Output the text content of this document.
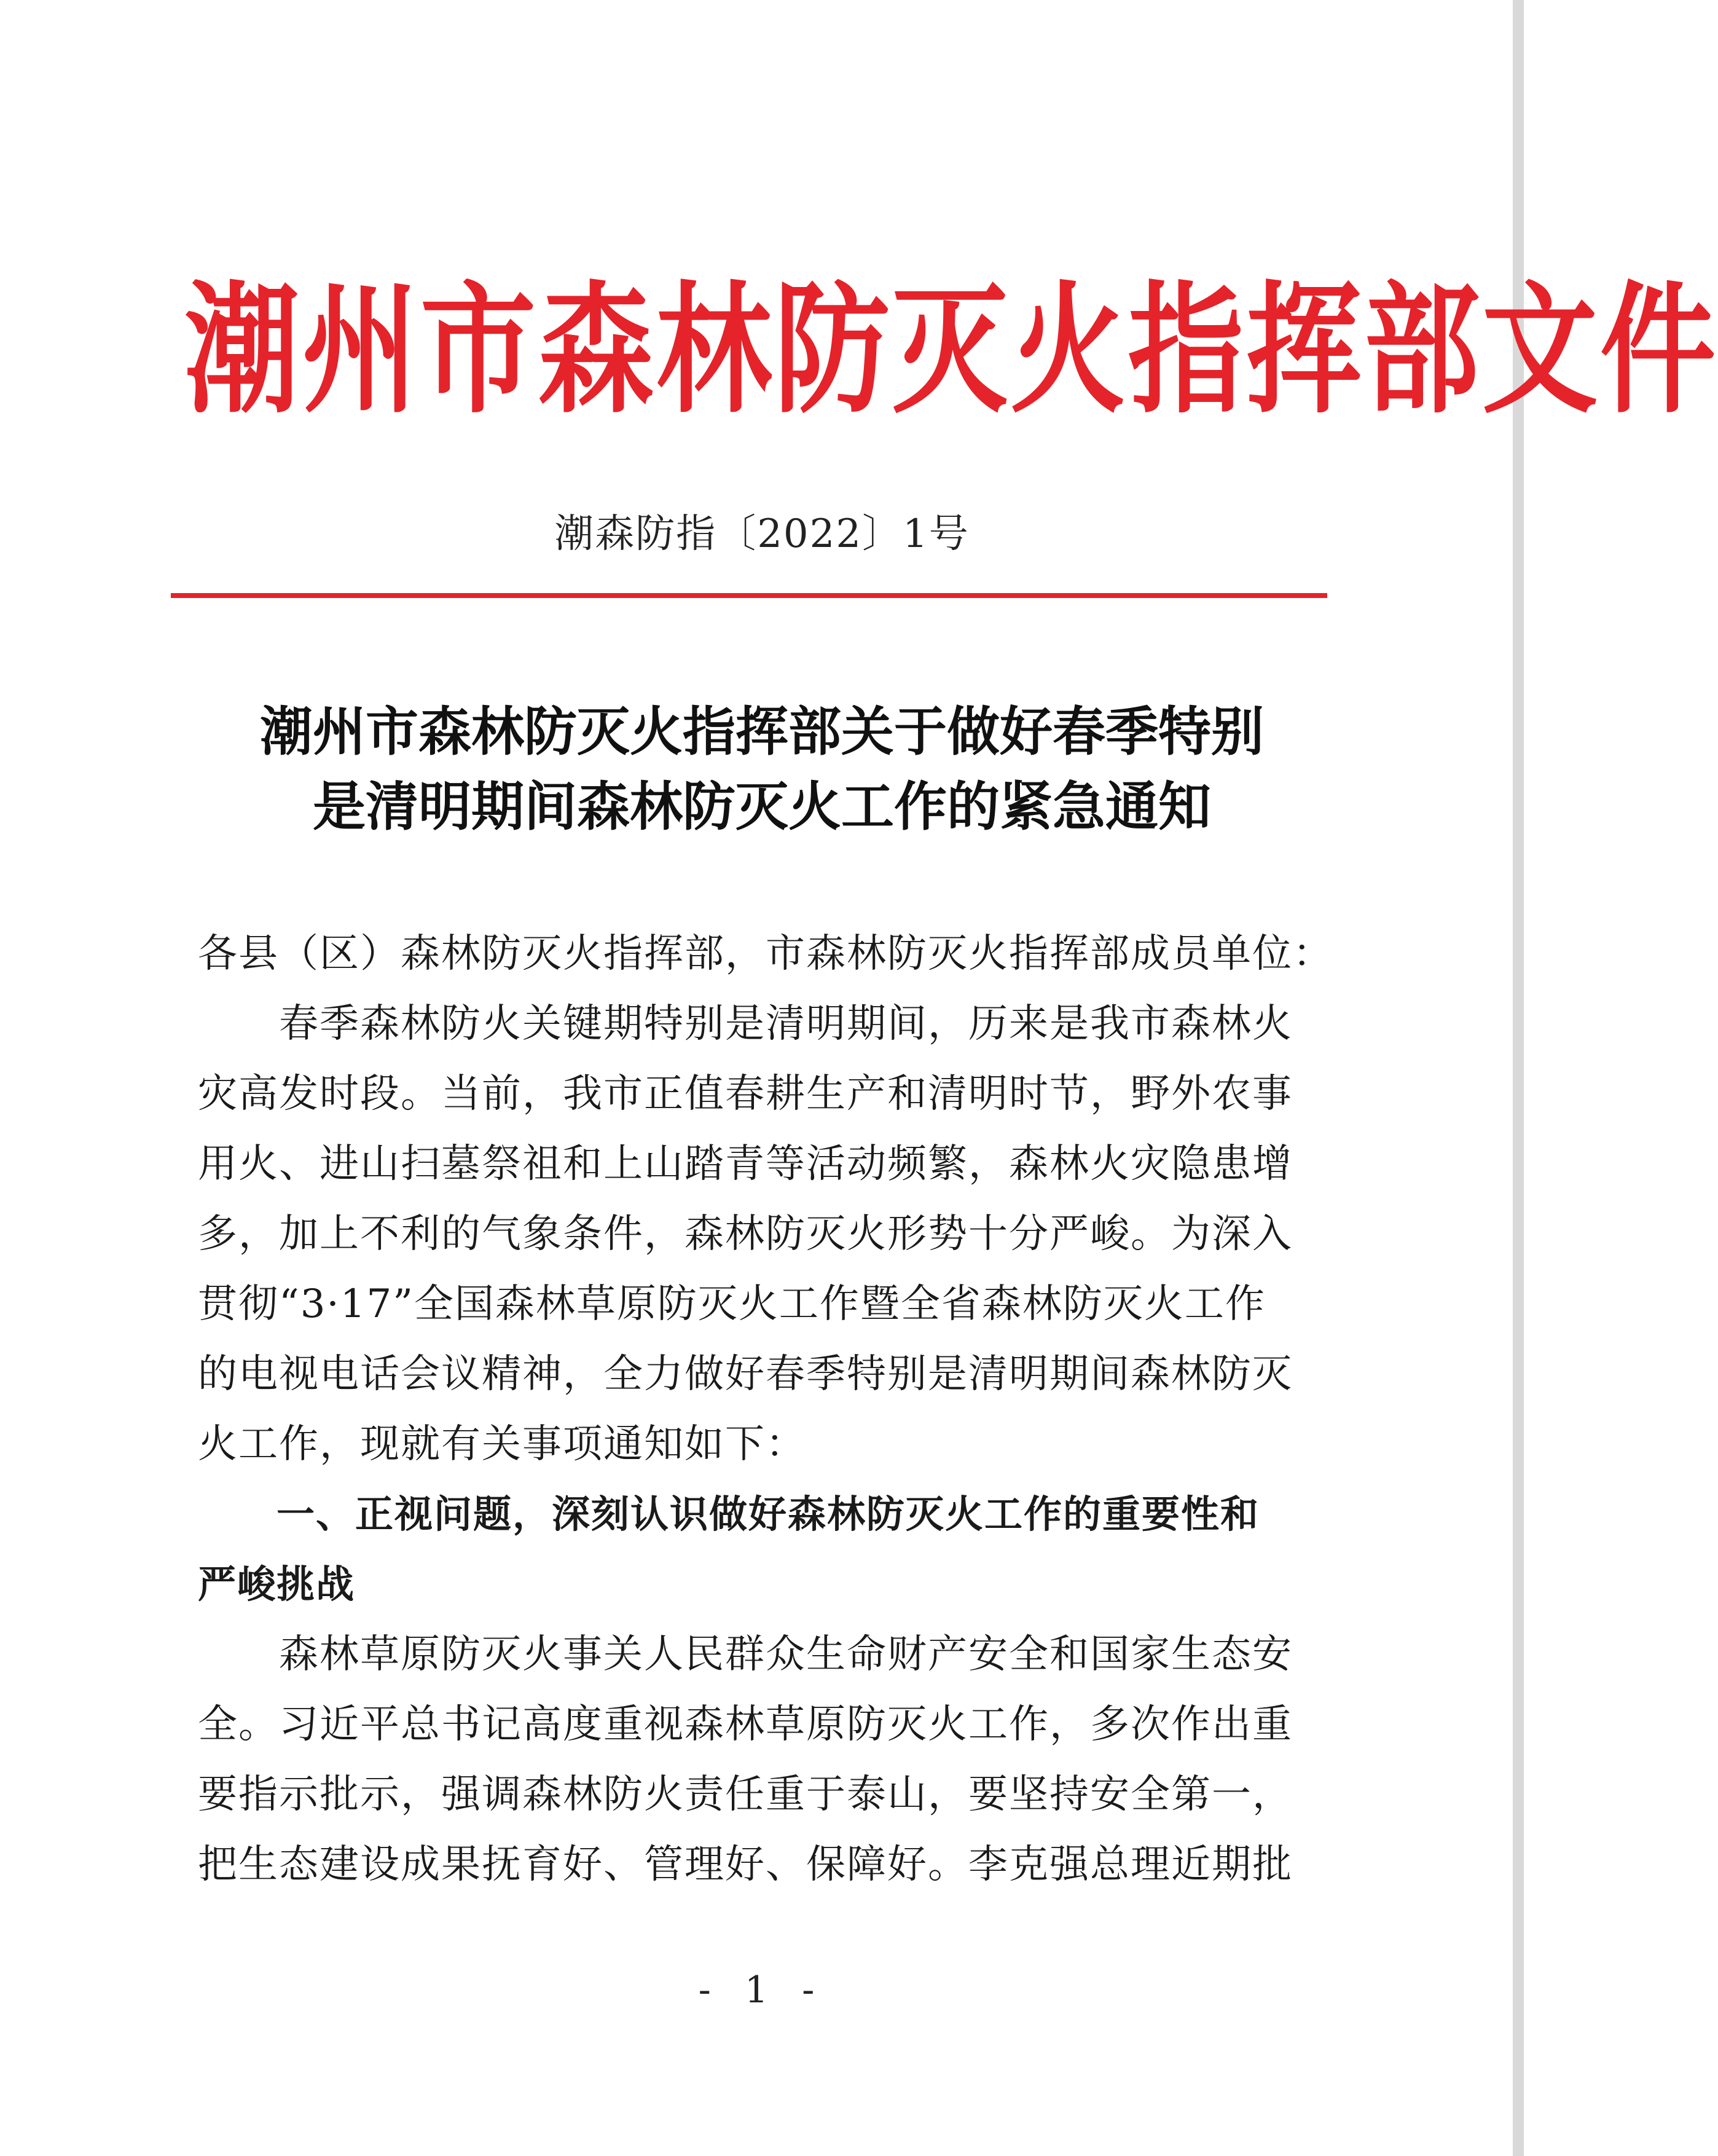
潮州市森林防灭火指挥部文件
潮森防指〔2022〕1号
潮州市森林防灭火指挥部关于做好春季特别
是清明期间森林防灭火工作的紧急通知
各县（区）森林防灭火指挥部，市森林防灭火指挥部成员单位：
　　春季森林防火关键期特别是清明期间，历来是我市森林火
灾高发时段。当前，我市正值春耕生产和清明时节，野外农事
用火、进山扫墓祭祖和上山踏青等活动频繁，森林火灾隐患增
多，加上不利的气象条件，森林防灭火形势十分严峻。为深入
贯彻“3·17”全国森林草原防灭火工作暨全省森林防灭火工作
的电视电话会议精神，全力做好春季特别是清明期间森林防灭
火工作，现就有关事项通知如下：
　　一、正视问题，深刻认识做好森林防灭火工作的重要性和
严峻挑战
　　森林草原防灭火事关人民群众生命财产安全和国家生态安
全。习近平总书记高度重视森林草原防灭火工作，多次作出重
要指示批示，强调森林防火责任重于泰山，要坚持安全第一，
把生态建设成果抚育好、管理好、保障好。李克强总理近期批
- 1 -
